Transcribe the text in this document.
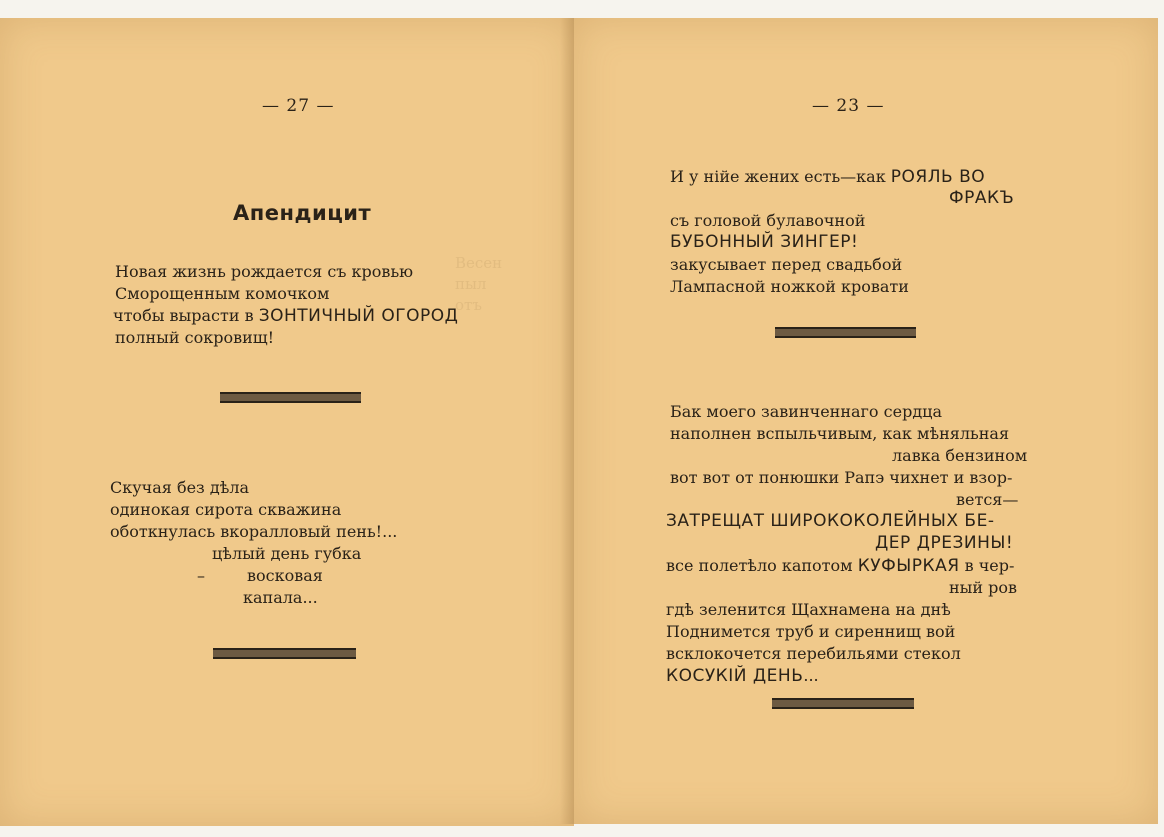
Весен
пыл
отъ
— 27 —
Апендицит
Новая жизнь рождается съ кровью
Сморощенным комочком
чтобы вырасти в ЗОНТИЧНЫЙ ОГОРОД
полный сокровищ!
Скучая без дѣла
одинокая сирота скважина
оботкнулась вкоралловый пень!...
цѣлый день губка
–	восковая
капала...
— 23 —
И у нійе жених есть—как РОЯЛЬ ВО
ФРАКЪ
съ головой булавочной
БУБОННЫЙ ЗИНГЕР!
закусывает перед свадьбой
Лампасной ножкой кровати
Бак моего завинченнаго сердца
наполнен вспыльчивым, как мѣняльная
лавка бензином
вот вот от понюшки Рапэ чихнет и взор-
вется—
ЗАТРЕЩАТ ШИРОКОКОЛЕЙНЫХ БЕ-
ДЕР ДРЕЗИНЫ!
все полетѣло капотом КУФЫРКАЯ в чер-
ный ров
гдѣ зеленится Щахнамена на днѣ
Поднимется труб и сиреннищ вой
всклокочется перебильями стекол
КОСУКІЙ ДЕНЬ...
